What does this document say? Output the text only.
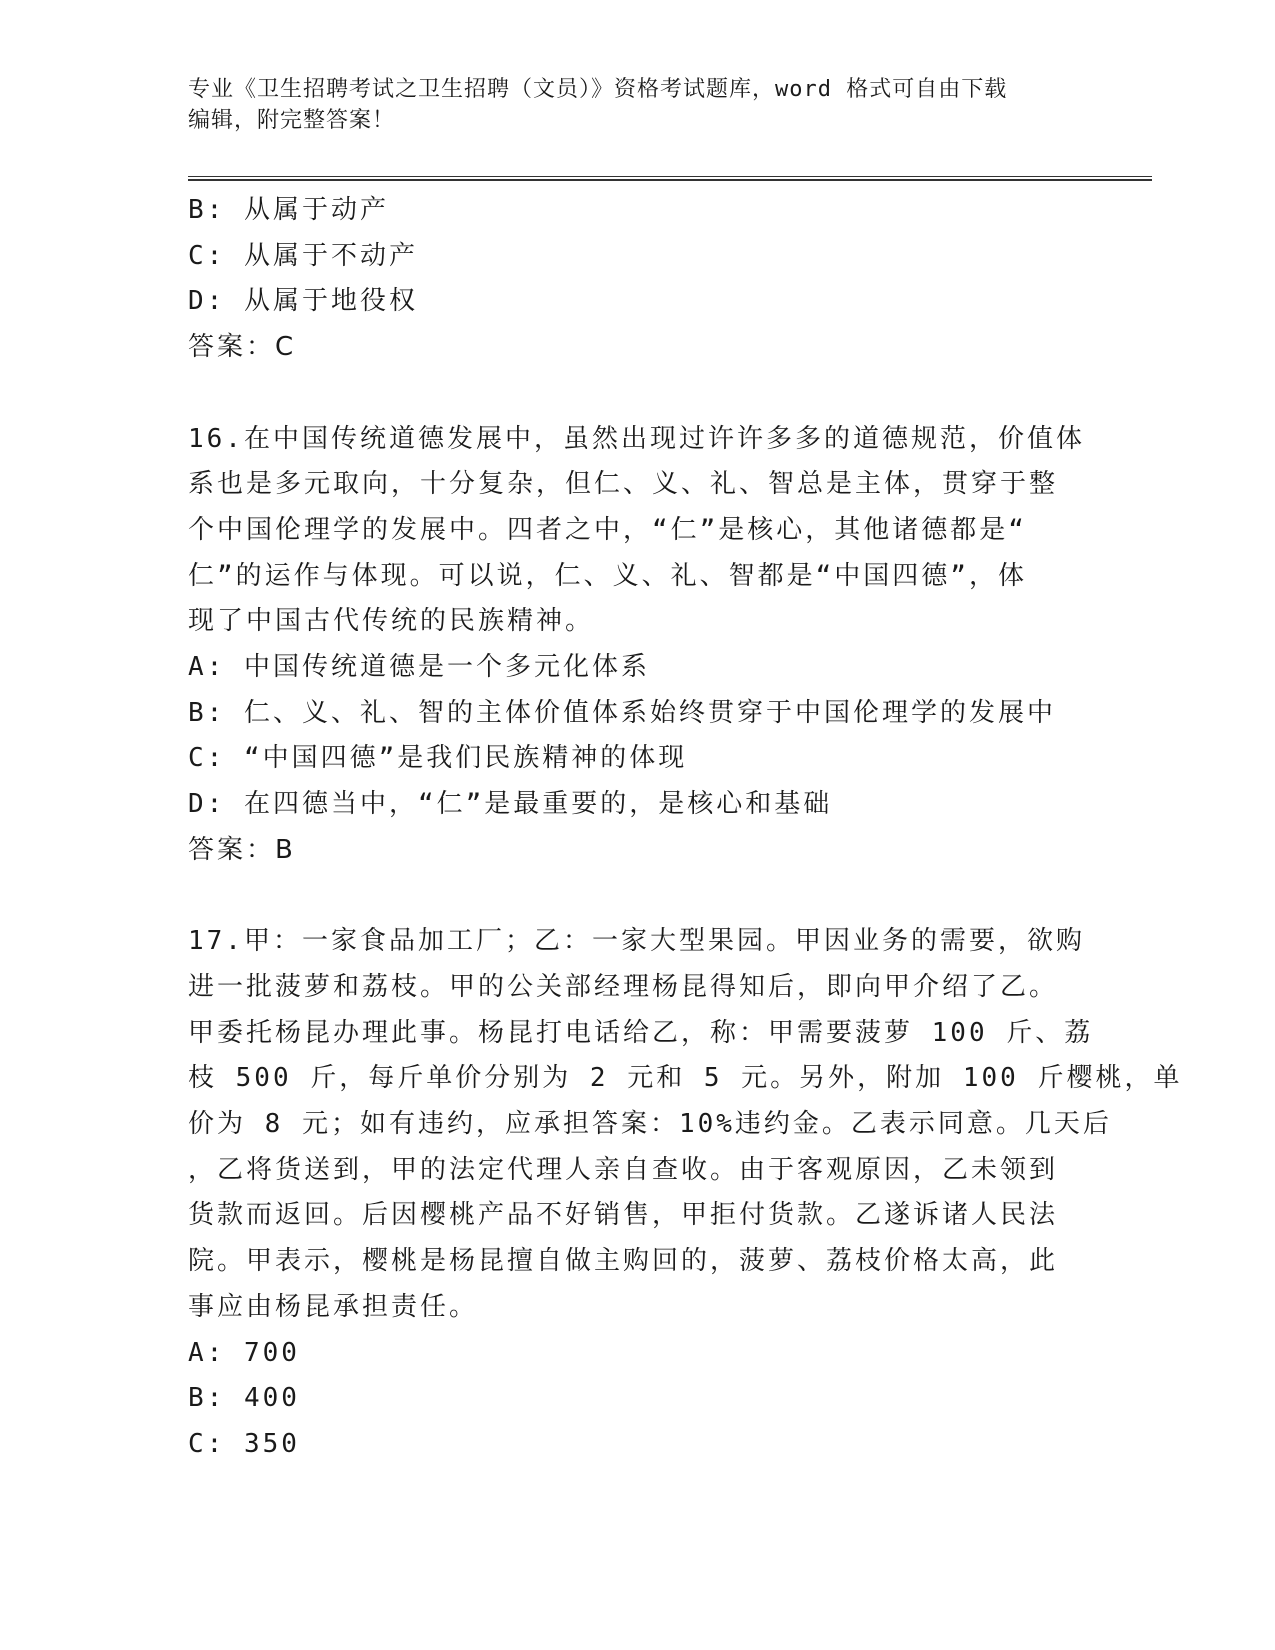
专业《卫生招聘考试之卫生招聘（文员）》资格考试题库，word 格式可自由下载
编辑，附完整答案！
B: 从属于动产
C: 从属于不动产
D: 从属于地役权
答案：C
16.在中国传统道德发展中，虽然出现过许许多多的道德规范，价值体
系也是多元取向，十分复杂，但仁、义、礼、智总是主体，贯穿于整
个中国伦理学的发展中。四者之中，“仁”是核心，其他诸德都是“
仁”的运作与体现。可以说，仁、义、礼、智都是“中国四德”，体
现了中国古代传统的民族精神。
A: 中国传统道德是一个多元化体系
B: 仁、义、礼、智的主体价值体系始终贯穿于中国伦理学的发展中
C: “中国四德”是我们民族精神的体现
D: 在四德当中，“仁”是最重要的，是核心和基础
答案：B
17.甲：一家食品加工厂；乙：一家大型果园。甲因业务的需要，欲购
进一批菠萝和荔枝。甲的公关部经理杨昆得知后，即向甲介绍了乙。
甲委托杨昆办理此事。杨昆打电话给乙，称：甲需要菠萝 100 斤、荔
枝 500 斤，每斤单价分别为 2 元和 5 元。另外，附加 100 斤樱桃，单
价为 8 元；如有违约，应承担答案：10%违约金。乙表示同意。几天后
，乙将货送到，甲的法定代理人亲自查收。由于客观原因，乙未领到
货款而返回。后因樱桃产品不好销售，甲拒付货款。乙遂诉诸人民法
院。甲表示，樱桃是杨昆擅自做主购回的，菠萝、荔枝价格太高，此
事应由杨昆承担责任。
A: 700
B: 400
C: 350
